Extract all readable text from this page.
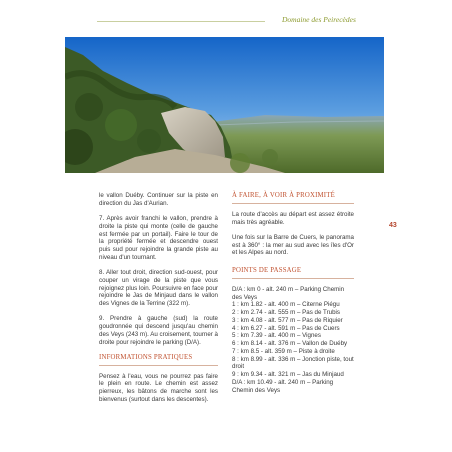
Domaine des Peirecèdes
43

le vallon Duéby. Continuer sur la piste en direction du Jas d'Aurian.

7. Après avoir franchi le vallon, prendre à droite la piste qui monte (celle de gauche est fermée par un portail). Faire le tour de la propriété fermée et descendre ouest puis sud pour rejoindre la grande piste au niveau d'un tournant.

8. Aller tout droit, direction sud-ouest, pour couper un virage de la piste que vous rejoignez plus loin. Poursuivre en face pour rejoindre le Jas de Minjaud dans le vallon des Vignes de la Terrine (322 m).

9. Prendre à gauche (sud) la route goudronnée qui descend jusqu'au chemin des Veys (243 m). Au croisement, tourner à droite pour rejoindre le parking (D/A).

INFORMATIONS PRATIQUES

Pensez à l'eau, vous ne pourrez pas faire le plein en route. Le chemin est assez pierreux, les bâtons de marche sont les bienvenus (surtout dans les descentes).

À FAIRE, À VOIR À PROXIMITÉ

La route d'accès au départ est assez étroite mais très agréable.

Une fois sur la Barre de Cuers, le panorama est à 360° : la mer au sud avec les îles d'Or et les Alpes au nord.

POINTS DE PASSAGE
D/A : km 0 - alt. 240 m – Parking Chemin des Veys
1 : km 1.82 - alt. 400 m – Citerne Piégu
2 : km 2.74 - alt. 555 m – Pas de Trubis
3 : km 4.08 - alt. 577 m – Pas de Riquier
4 : km 6.27 - alt. 591 m – Pas de Cuers
5 : km 7.39 - alt. 400 m – Vignes
6 : km 8.14 - alt. 376 m – Vallon de Duéby
7 : km 8.5 - alt. 359 m – Piste à droite
8 : km 8.99 - alt. 336 m – Jonction piste, tout droit
9 : km 9.34 - alt. 321 m – Jas du Minjaud
D/A : km 10.49 - alt. 240 m – Parking Chemin des Veys
